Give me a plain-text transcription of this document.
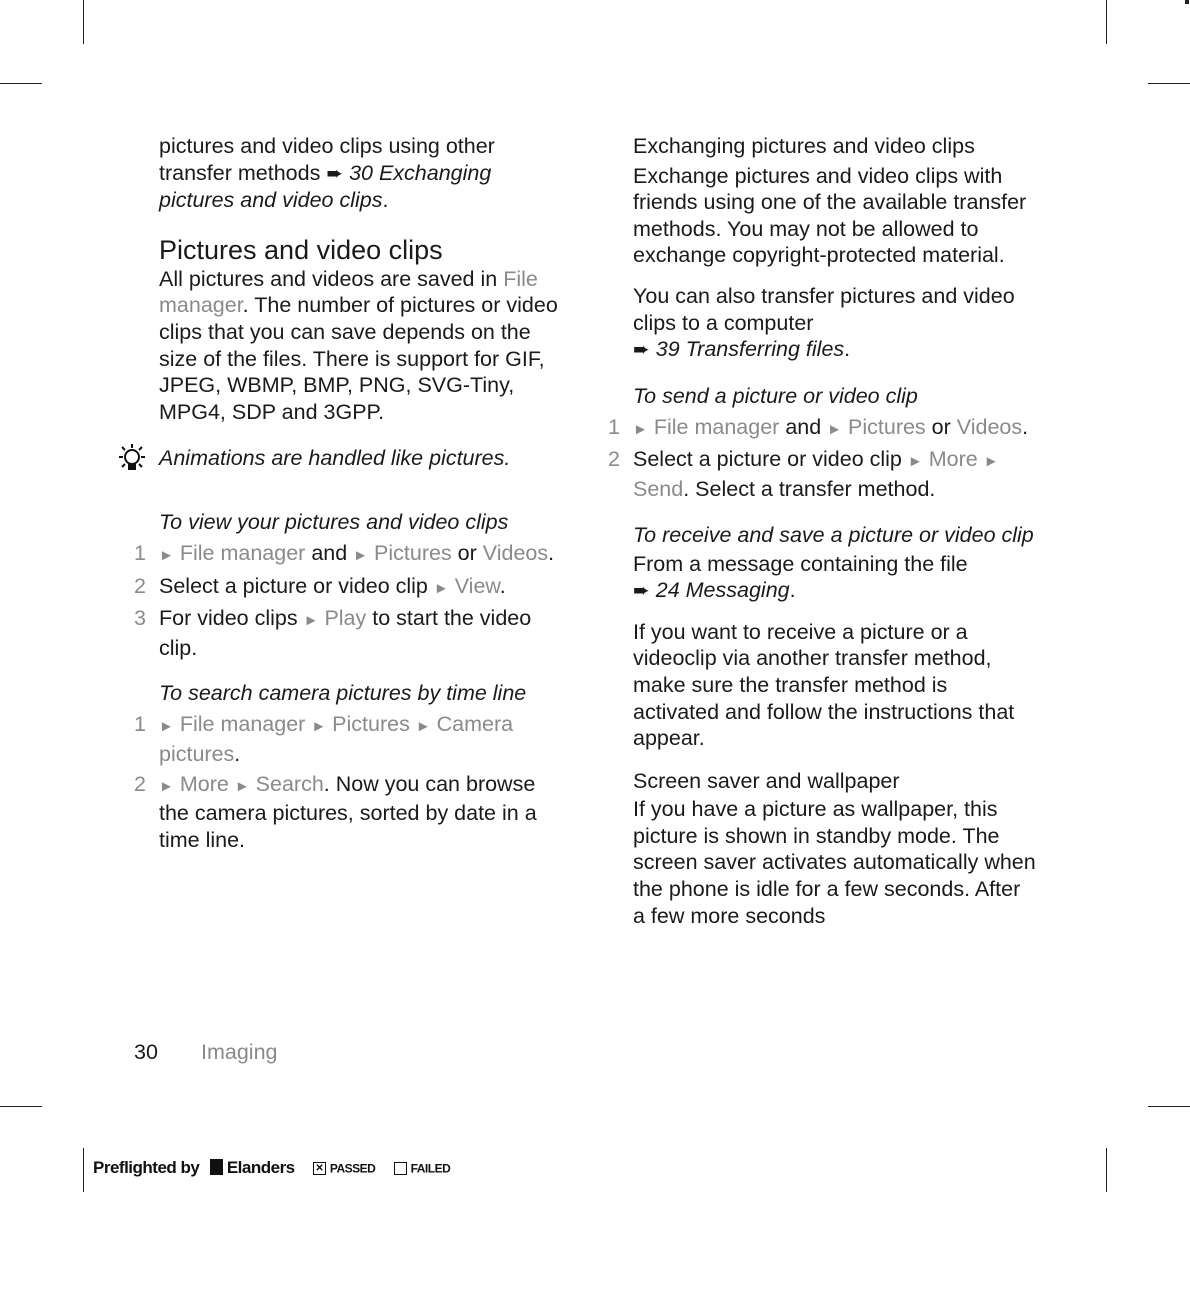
pictures and video clips using other transfer methods ➨ 30 Exchanging pictures and video clips.

Pictures and video clips

All pictures and videos are saved in File manager. The number of pictures or video clips that you can save depends on the size of the files. There is support for GIF, JPEG, WBMP, BMP, PNG, SVG-Tiny, MPG4, SDP and 3GPP.

Animations are handled like pictures.

To view your pictures and video clips
1 ► File manager and ► Pictures or Videos.

2 Select a picture or video clip ► View.

3 For video clips ► Play to start the video clip.

To search camera pictures by time line
1 ► File manager ► Pictures ► Camera pictures.

2 ► More ► Search. Now you can browse the camera pictures, sorted by date in a time line.

Exchanging pictures and video clips

Exchange pictures and video clips with friends using one of the available transfer methods. You may not be allowed to exchange copyright-protected material.

You can also transfer pictures and video clips to a computer
➨ 39 Transferring files.

To send a picture or video clip
1 ► File manager and ► Pictures or Videos.

2 Select a picture or video clip ► More ► Send. Select a transfer method.

To receive and save a picture or video clip

From a message containing the file
➨ 24 Messaging.

If you want to receive a picture or a videoclip via another transfer method, make sure the transfer method is activated and follow the instructions that appear.

Screen saver and wallpaper

If you have a picture as wallpaper, this picture is shown in standby mode. The screen saver activates automatically when the phone is idle for a few seconds. After a few more seconds

30 Imaging
Preflighted by Elanders ✕ PASSED	FAILED
